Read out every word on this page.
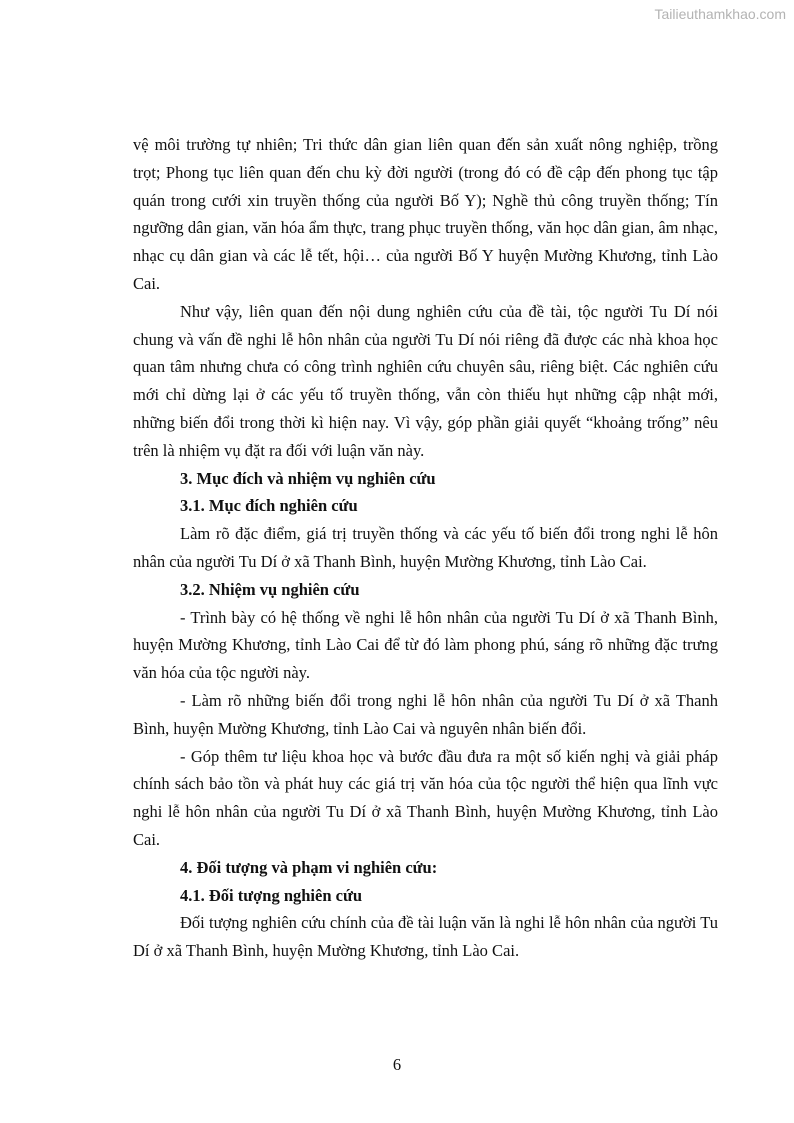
Tailieuthamkhao.com

vệ môi trường tự nhiên; Tri thức dân gian liên quan đến sản xuất nông nghiệp, trồng trọt; Phong tục liên quan đến chu kỳ đời người (trong đó có đề cập đến phong tục tập quán trong cưới xin truyền thống của người Bố Y); Nghề thủ công truyền thống; Tín ngưỡng dân gian, văn hóa ẩm thực, trang phục truyền thống, văn học dân gian, âm nhạc, nhạc cụ dân gian và các lễ tết, hội… của người Bố Y huyện Mường Khương, tỉnh Lào Cai.

Như vậy, liên quan đến nội dung nghiên cứu của đề tài, tộc người Tu Dí nói chung và vấn đề nghi lễ hôn nhân của người Tu Dí nói riêng đã được các nhà khoa học quan tâm nhưng chưa có công trình nghiên cứu chuyên sâu, riêng biệt. Các nghiên cứu mới chỉ dừng lại ở các yếu tố truyền thống, vẫn còn thiếu hụt những cập nhật mới, những biến đổi trong thời kì hiện nay. Vì vậy, góp phần giải quyết “khoảng trống” nêu trên là nhiệm vụ đặt ra đối với luận văn này.

3. Mục đích và nhiệm vụ nghiên cứu

3.1. Mục đích nghiên cứu

Làm rõ đặc điểm, giá trị truyền thống và các yếu tố biến đổi trong nghi lễ hôn nhân của người Tu Dí ở xã Thanh Bình, huyện Mường Khương, tỉnh Lào Cai.

3.2. Nhiệm vụ nghiên cứu

- Trình bày có hệ thống về nghi lễ hôn nhân của người Tu Dí ở xã Thanh Bình, huyện Mường Khương, tỉnh Lào Cai để từ đó làm phong phú, sáng rõ những đặc trưng văn hóa của tộc người này.

- Làm rõ những biến đổi trong nghi lễ hôn nhân của người Tu Dí ở xã Thanh Bình, huyện Mường Khương, tỉnh Lào Cai và nguyên nhân biến đổi.

- Góp thêm tư liệu khoa học và bước đầu đưa ra một số kiến nghị và giải pháp chính sách bảo tồn và phát huy các giá trị văn hóa của tộc người thể hiện qua lĩnh vực nghi lễ hôn nhân của người Tu Dí ở xã Thanh Bình, huyện Mường Khương, tỉnh Lào Cai.

4. Đối tượng và phạm vi nghiên cứu:

4.1. Đối tượng nghiên cứu

Đối tượng nghiên cứu chính của đề tài luận văn là nghi lễ hôn nhân của người Tu Dí ở xã Thanh Bình, huyện Mường Khương, tỉnh Lào Cai.

6
